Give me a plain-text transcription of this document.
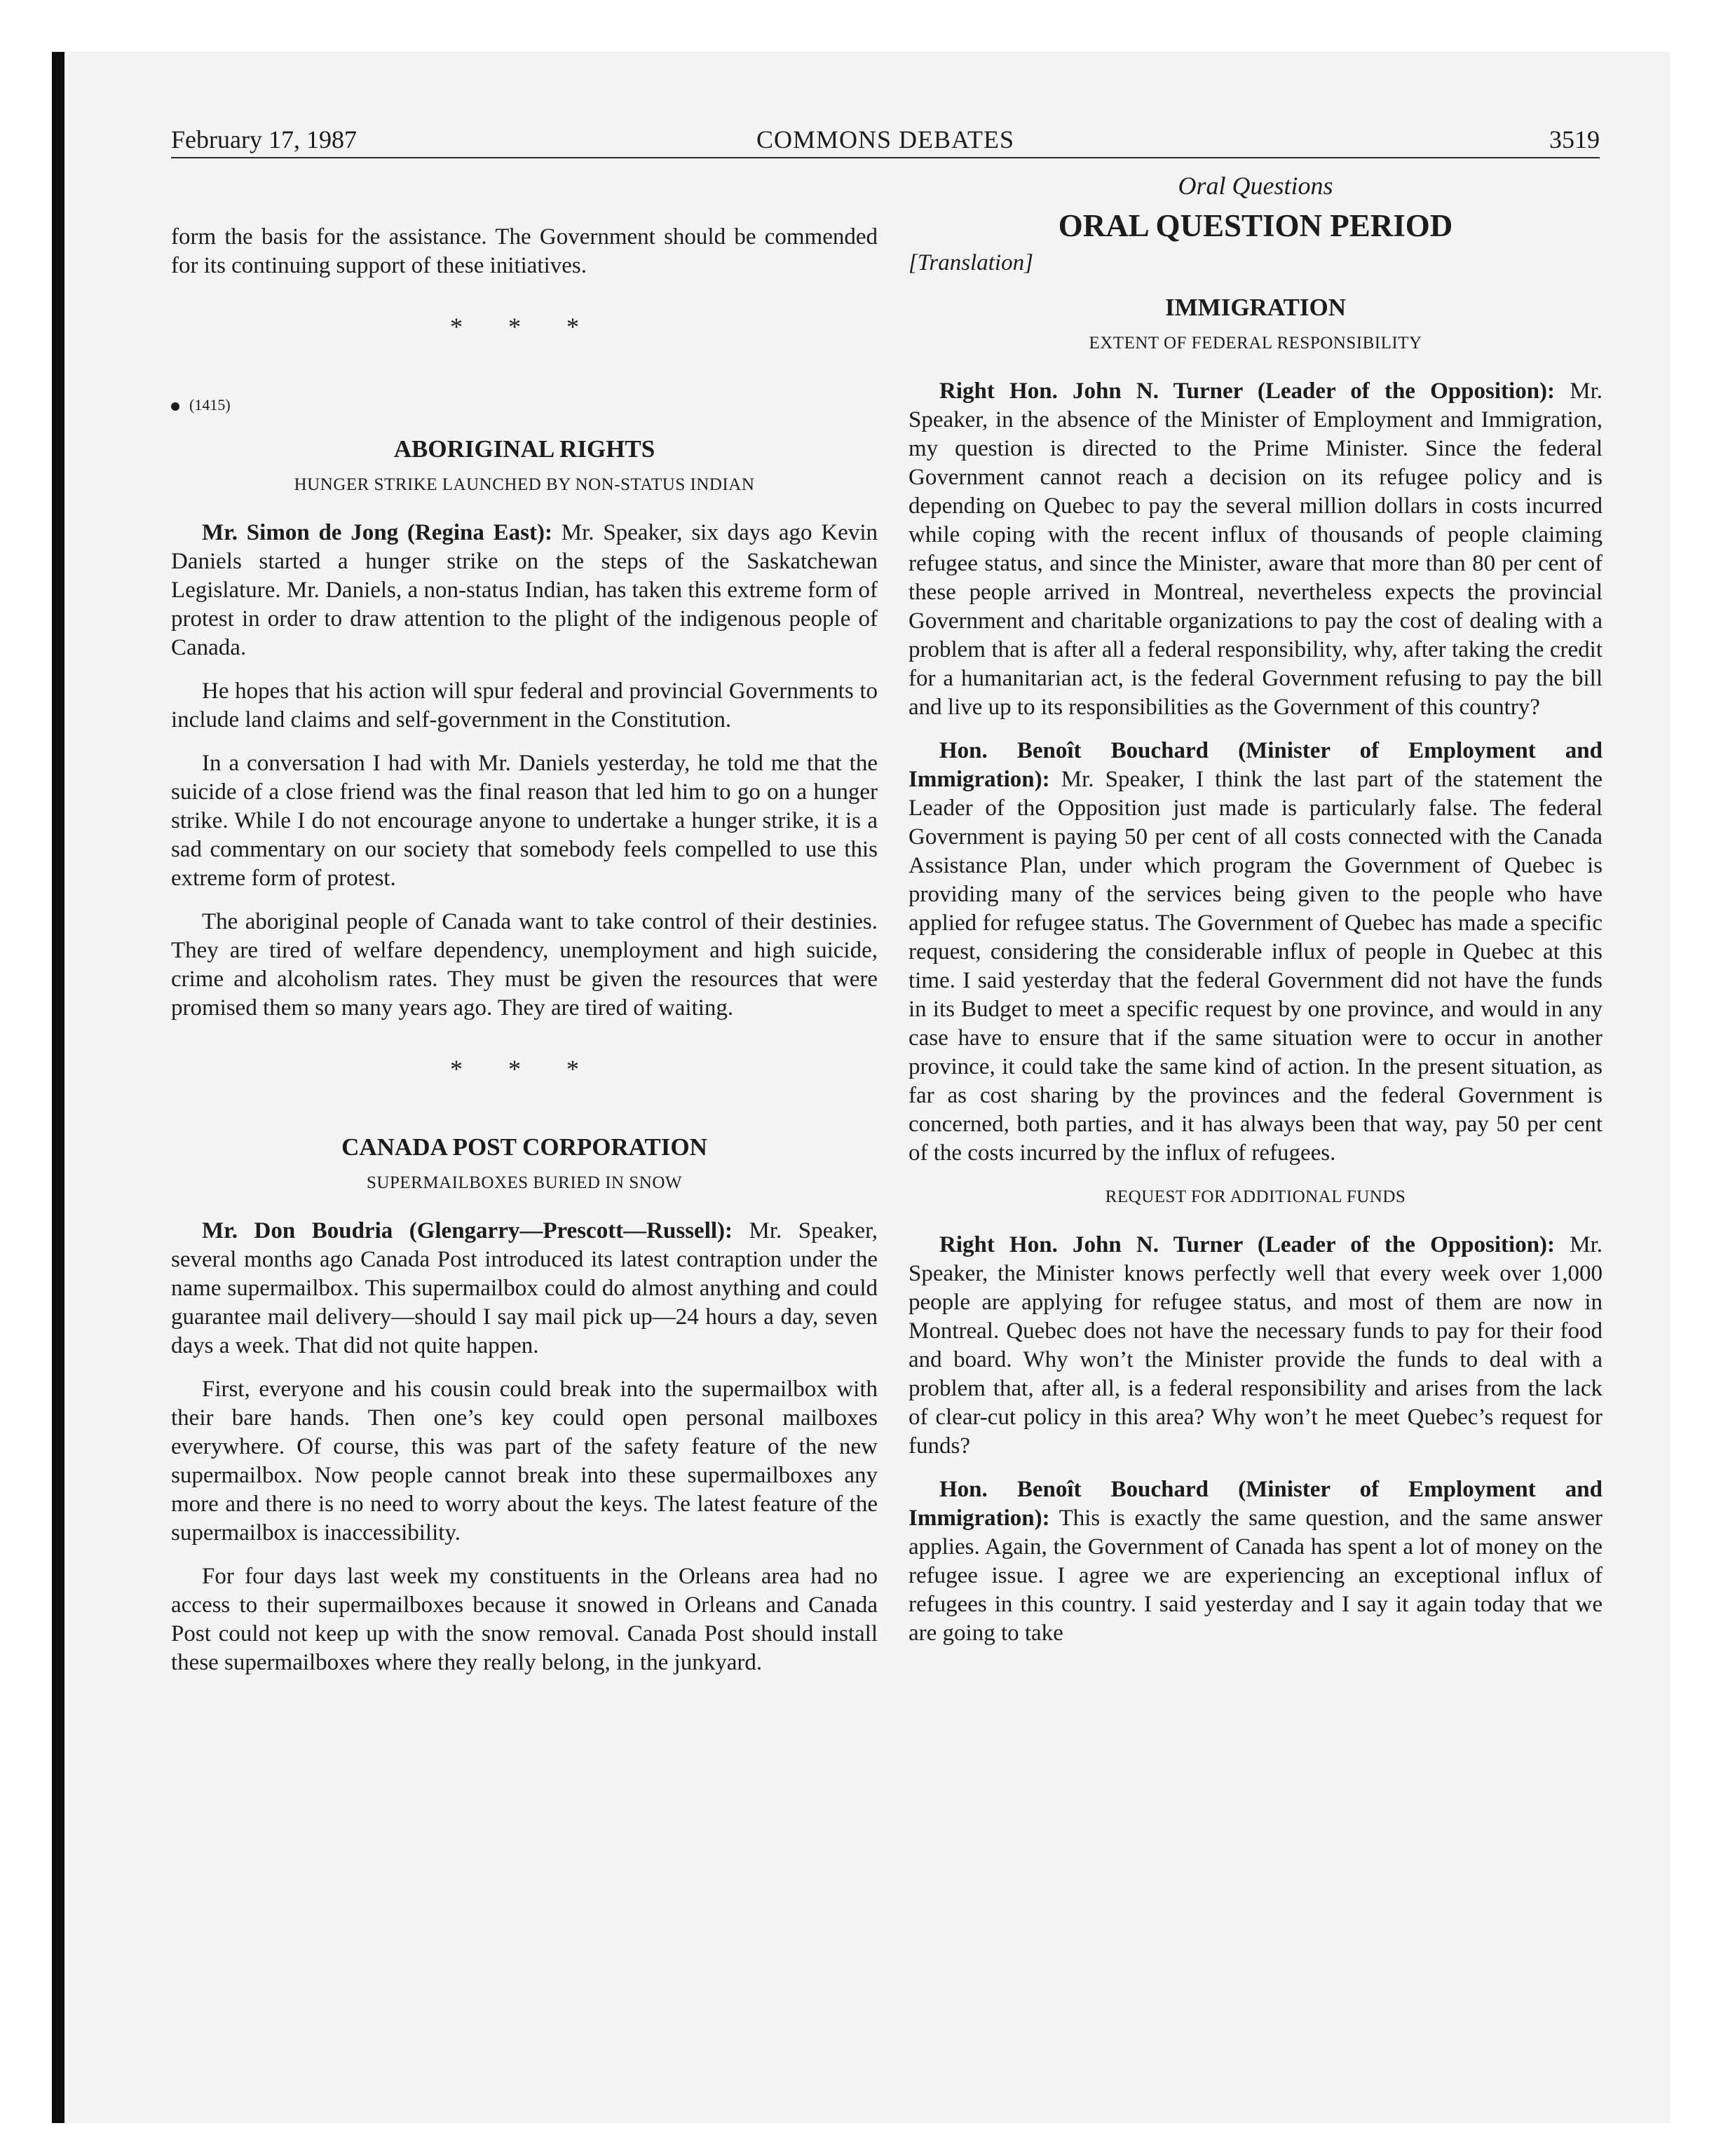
February 17, 1987	COMMONS DEBATES	3519

form the basis for the assistance. The Government should be commended for its continuing support of these initiatives.

* * *
(1415)
ABORIGINAL RIGHTS
HUNGER STRIKE LAUNCHED BY NON-STATUS INDIAN

Mr. Simon de Jong (Regina East): Mr. Speaker, six days ago Kevin Daniels started a hunger strike on the steps of the Saskatchewan Legislature. Mr. Daniels, a non-status Indian, has taken this extreme form of protest in order to draw attention to the plight of the indigenous people of Canada.

He hopes that his action will spur federal and provincial Governments to include land claims and self-government in the Constitution.

In a conversation I had with Mr. Daniels yesterday, he told me that the suicide of a close friend was the final reason that led him to go on a hunger strike. While I do not encourage anyone to undertake a hunger strike, it is a sad commentary on our society that somebody feels compelled to use this extreme form of protest.

The aboriginal people of Canada want to take control of their destinies. They are tired of welfare dependency, unemployment and high suicide, crime and alcoholism rates. They must be given the resources that were promised them so many years ago. They are tired of waiting.

* * *
CANADA POST CORPORATION
SUPERMAILBOXES BURIED IN SNOW

Mr. Don Boudria (Glengarry—Prescott—Russell): Mr. Speaker, several months ago Canada Post introduced its latest contraption under the name supermailbox. This supermailbox could do almost anything and could guarantee mail delivery—should I say mail pick up—24 hours a day, seven days a week. That did not quite happen.

First, everyone and his cousin could break into the supermailbox with their bare hands. Then one’s key could open personal mailboxes everywhere. Of course, this was part of the safety feature of the new supermailbox. Now people cannot break into these supermailboxes any more and there is no need to worry about the keys. The latest feature of the supermailbox is inaccessibility.

For four days last week my constituents in the Orleans area had no access to their supermailboxes because it snowed in Orleans and Canada Post could not keep up with the snow removal. Canada Post should install these supermailboxes where they really belong, in the junkyard.

Oral Questions
ORAL QUESTION PERIOD
[Translation]
IMMIGRATION
EXTENT OF FEDERAL RESPONSIBILITY

Right Hon. John N. Turner (Leader of the Opposition): Mr. Speaker, in the absence of the Minister of Employment and Immigration, my question is directed to the Prime Minister. Since the federal Government cannot reach a decision on its refugee policy and is depending on Quebec to pay the several million dollars in costs incurred while coping with the recent influx of thousands of people claiming refugee status, and since the Minister, aware that more than 80 per cent of these people arrived in Montreal, nevertheless expects the provincial Government and charitable organizations to pay the cost of dealing with a problem that is after all a federal responsibility, why, after taking the credit for a humanitarian act, is the federal Government refusing to pay the bill and live up to its responsibilities as the Government of this country?

Hon. Benoît Bouchard (Minister of Employment and Immigration): Mr. Speaker, I think the last part of the statement the Leader of the Opposition just made is particularly false. The federal Government is paying 50 per cent of all costs connected with the Canada Assistance Plan, under which program the Government of Quebec is providing many of the services being given to the people who have applied for refugee status. The Government of Quebec has made a specific request, considering the considerable influx of people in Quebec at this time. I said yesterday that the federal Government did not have the funds in its Budget to meet a specific request by one province, and would in any case have to ensure that if the same situation were to occur in another province, it could take the same kind of action. In the present situation, as far as cost sharing by the provinces and the federal Government is concerned, both parties, and it has always been that way, pay 50 per cent of the costs incurred by the influx of refugees.

REQUEST FOR ADDITIONAL FUNDS

Right Hon. John N. Turner (Leader of the Opposition): Mr. Speaker, the Minister knows perfectly well that every week over 1,000 people are applying for refugee status, and most of them are now in Montreal. Quebec does not have the necessary funds to pay for their food and board. Why won’t the Minister provide the funds to deal with a problem that, after all, is a federal responsibility and arises from the lack of clear-cut policy in this area? Why won’t he meet Quebec’s request for funds?

Hon. Benoît Bouchard (Minister of Employment and Immigration): This is exactly the same question, and the same answer applies. Again, the Government of Canada has spent a lot of money on the refugee issue. I agree we are experiencing an exceptional influx of refugees in this country. I said yesterday and I say it again today that we are going to take
